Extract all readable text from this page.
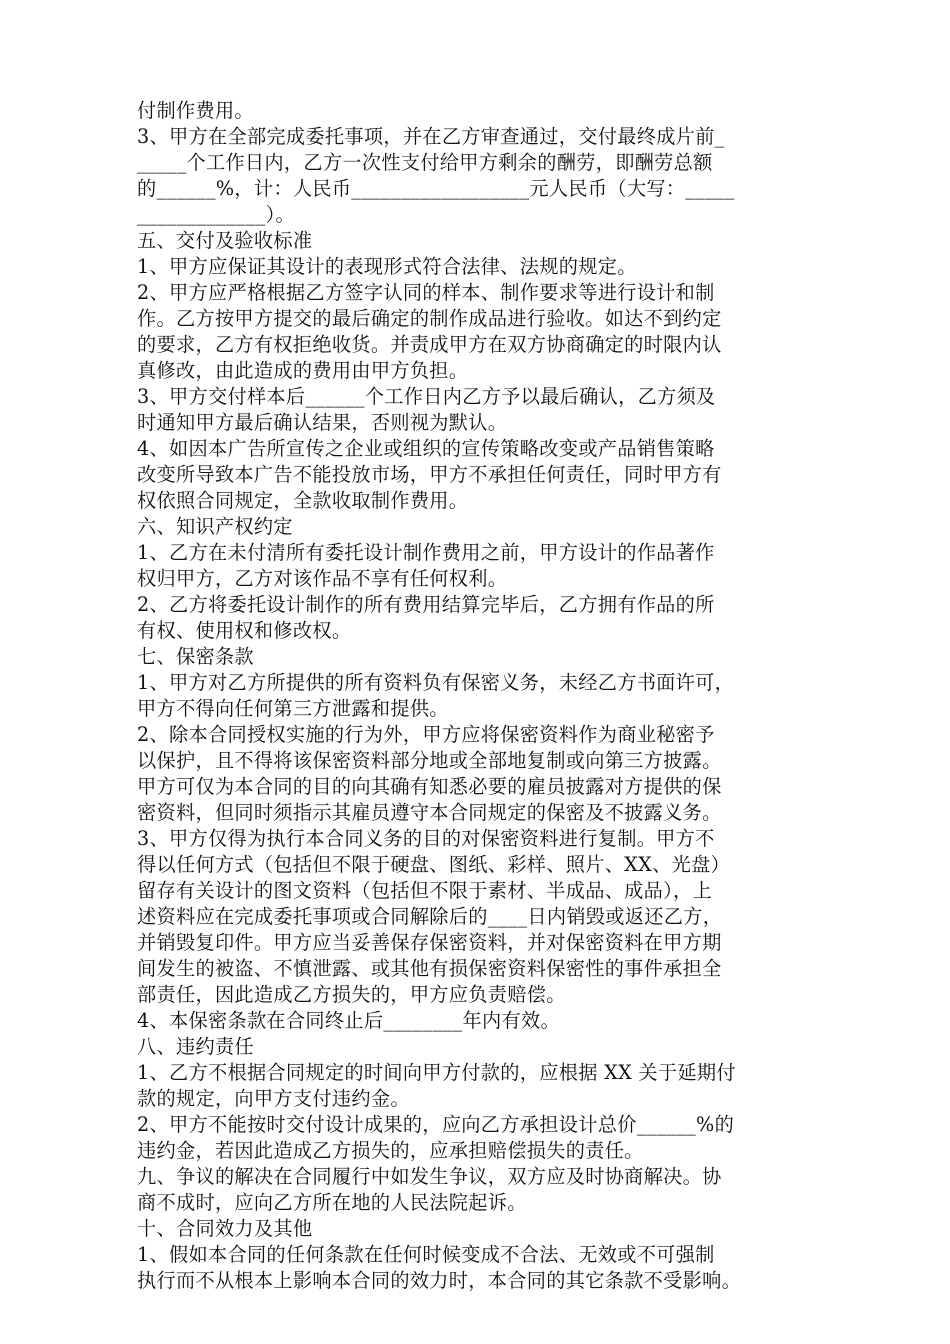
付制作费用。
3、甲方在全部完成委托事项，并在乙方审查通过，交付最终成片前_
_____个工作日内，乙方一次性支付给甲方剩余的酬劳，即酬劳总额
的______%，计：人民币__________________元人民币（大写：_____
_____________）。
五、交付及验收标准
1、甲方应保证其设计的表现形式符合法律、法规的规定。
2、甲方应严格根据乙方签字认同的样本、制作要求等进行设计和制
作。乙方按甲方提交的最后确定的制作成品进行验收。如达不到约定
的要求，乙方有权拒绝收货。并责成甲方在双方协商确定的时限内认
真修改，由此造成的费用由甲方负担。
3、甲方交付样本后______个工作日内乙方予以最后确认，乙方须及
时通知甲方最后确认结果，否则视为默认。
4、如因本广告所宣传之企业或组织的宣传策略改变或产品销售策略
改变所导致本广告不能投放市场，甲方不承担任何责任，同时甲方有
权依照合同规定，全款收取制作费用。
六、知识产权约定
1、乙方在未付清所有委托设计制作费用之前，甲方设计的作品著作
权归甲方，乙方对该作品不享有任何权利。
2、乙方将委托设计制作的所有费用结算完毕后，乙方拥有作品的所
有权、使用权和修改权。
七、保密条款
1、甲方对乙方所提供的所有资料负有保密义务，未经乙方书面许可，
甲方不得向任何第三方泄露和提供。
2、除本合同授权实施的行为外，甲方应将保密资料作为商业秘密予
以保护，且不得将该保密资料部分地或全部地复制或向第三方披露。
甲方可仅为本合同的目的向其确有知悉必要的雇员披露对方提供的保
密资料，但同时须指示其雇员遵守本合同规定的保密及不披露义务。
3、甲方仅得为执行本合同义务的目的对保密资料进行复制。甲方不
得以任何方式（包括但不限于硬盘、图纸、彩样、照片、XX、光盘）
留存有关设计的图文资料（包括但不限于素材、半成品、成品），上
述资料应在完成委托事项或合同解除后的____日内销毁或返还乙方，
并销毁复印件。甲方应当妥善保存保密资料，并对保密资料在甲方期
间发生的被盗、不慎泄露、或其他有损保密资料保密性的事件承担全
部责任，因此造成乙方损失的，甲方应负责赔偿。
4、本保密条款在合同终止后________年内有效。
八、违约责任
1、乙方不根据合同规定的时间向甲方付款的，应根据 XX 关于延期付
款的规定，向甲方支付违约金。
2、甲方不能按时交付设计成果的，应向乙方承担设计总价______%的
违约金，若因此造成乙方损失的，应承担赔偿损失的责任。
九、争议的解决在合同履行中如发生争议，双方应及时协商解决。协
商不成时，应向乙方所在地的人民法院起诉。
十、合同效力及其他
1、假如本合同的任何条款在任何时候变成不合法、无效或不可强制
执行而不从根本上影响本合同的效力时，本合同的其它条款不受影响。
